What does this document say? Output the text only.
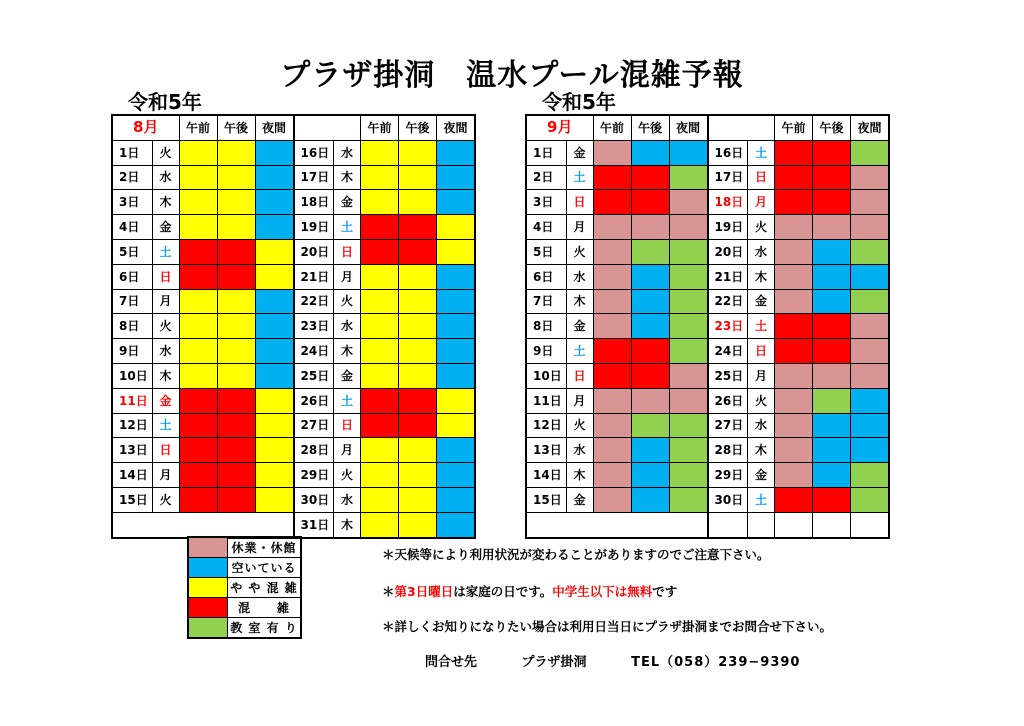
プラザ掛洞　温水プール混雑予報
令和5年	令和5年
8月		午前	午後	夜間			午前	午後	夜間
1日	火				16日	水			
2日	水				17日	木			
3日	木				18日	金			
4日	金				19日	土			
5日	土				20日	日			
6日	日				21日	月			
7日	月				22日	火			
8日	火				23日	水			
9日	水				24日	木			
10日	木				25日	金			
11日	金				26日	土			
12日	土				27日	日			
13日	日				28日	月			
14日	月				29日	火			
15日	火				30日	水			
					31日	木			
9月		午前	午後	夜間			午前	午後	夜間
1日	金				16日	土			
2日	土				17日	日			
3日	日				18日	月			
4日	月				19日	火			
5日	火				20日	水			
6日	水				21日	木			
7日	木				22日	金			
8日	金				23日	土			
9日	土				24日	日			
10日	日				25日	月			
11日	月				26日	火			
12日	火				27日	水			
13日	水				28日	木			
14日	木				29日	金			
15日	金				30日	土			

	休業・休館
	空いている
	や や 混 雑
	混　　雑
	教 室 有 り
＊天候等により利用状況が変わることがありますのでご注意下さい。
＊第3日曜日は家庭の日です。中学生以下は無料です
＊詳しくお知りになりたい場合は利用日当日にプラザ掛洞までお問合せ下さい。
問合せ先	プラザ掛洞	TEL（058）239−9390
